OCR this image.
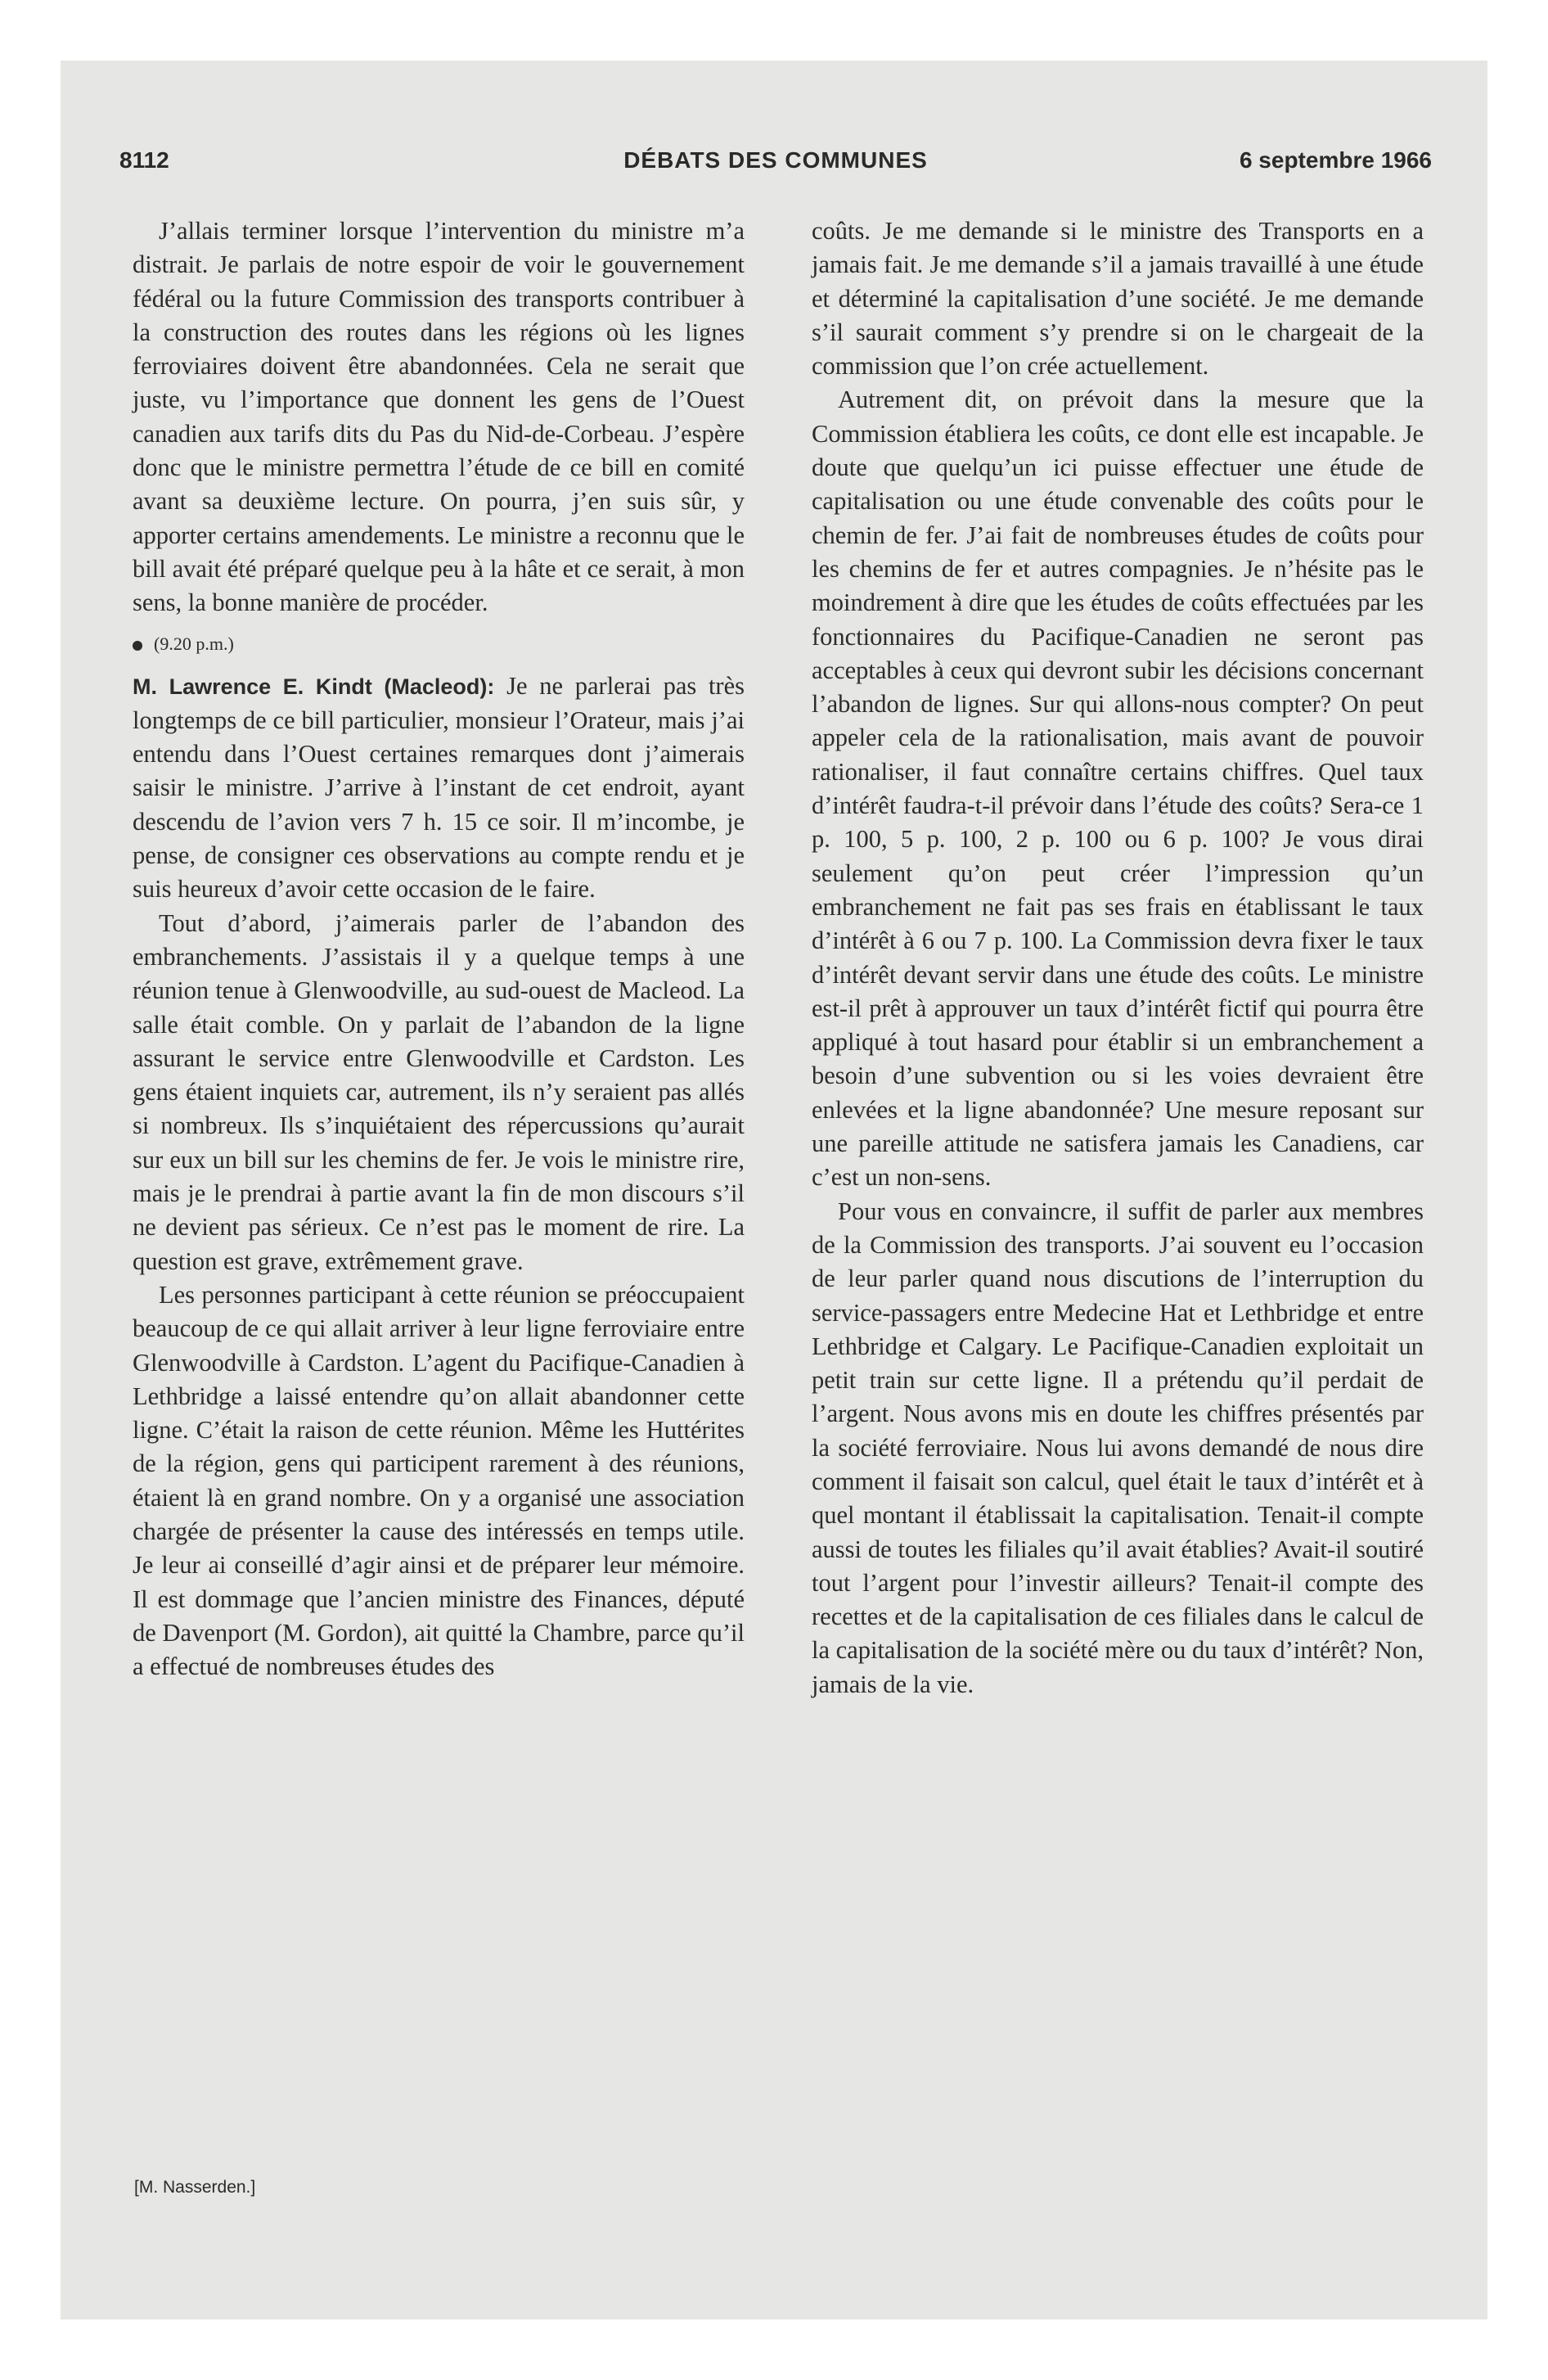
8112	DÉBATS DES COMMUNES	6 septembre 1966

J’allais terminer lorsque l’intervention du ministre m’a distrait. Je parlais de notre espoir de voir le gouvernement fédéral ou la future Commission des transports contribuer à la construction des routes dans les régions où les lignes ferroviaires doivent être abandonnées. Cela ne serait que juste, vu l’importance que donnent les gens de l’Ouest canadien aux tarifs dits du Pas du Nid-de-Corbeau. J’espère donc que le ministre permettra l’étude de ce bill en comité avant sa deuxième lecture. On pourra, j’en suis sûr, y apporter certains amendements. Le ministre a reconnu que le bill avait été préparé quelque peu à la hâte et ce serait, à mon sens, la bonne manière de procéder.

(9.20 p.m.)

M. Lawrence E. Kindt (Macleod): Je ne parlerai pas très longtemps de ce bill particulier, monsieur l’Orateur, mais j’ai entendu dans l’Ouest certaines remarques dont j’aimerais saisir le ministre. J’arrive à l’instant de cet endroit, ayant descendu de l’avion vers 7 h. 15 ce soir. Il m’incombe, je pense, de consigner ces observations au compte rendu et je suis heureux d’avoir cette occasion de le faire.

Tout d’abord, j’aimerais parler de l’abandon des embranchements. J’assistais il y a quelque temps à une réunion tenue à Glenwoodville, au sud-ouest de Macleod. La salle était comble. On y parlait de l’abandon de la ligne assurant le service entre Glenwoodville et Cardston. Les gens étaient inquiets car, autrement, ils n’y seraient pas allés si nombreux. Ils s’inquiétaient des répercussions qu’aurait sur eux un bill sur les chemins de fer. Je vois le ministre rire, mais je le prendrai à partie avant la fin de mon discours s’il ne devient pas sérieux. Ce n’est pas le moment de rire. La question est grave, extrêmement grave.

Les personnes participant à cette réunion se préoccupaient beaucoup de ce qui allait arriver à leur ligne ferroviaire entre Glenwoodville à Cardston. L’agent du Pacifique-Canadien à Lethbridge a laissé entendre qu’on allait abandonner cette ligne. C’était la raison de cette réunion. Même les Huttérites de la région, gens qui participent rarement à des réunions, étaient là en grand nombre. On y a organisé une association chargée de présenter la cause des intéressés en temps utile. Je leur ai conseillé d’agir ainsi et de préparer leur mémoire. Il est dommage que l’ancien ministre des Finances, député de Davenport (M. Gordon), ait quitté la Chambre, parce qu’il a effectué de nombreuses études des

coûts. Je me demande si le ministre des Transports en a jamais fait. Je me demande s’il a jamais travaillé à une étude et déterminé la capitalisation d’une société. Je me demande s’il saurait comment s’y prendre si on le chargeait de la commission que l’on crée actuellement.

Autrement dit, on prévoit dans la mesure que la Commission établiera les coûts, ce dont elle est incapable. Je doute que quelqu’un ici puisse effectuer une étude de capitalisation ou une étude convenable des coûts pour le chemin de fer. J’ai fait de nombreuses études de coûts pour les chemins de fer et autres compagnies. Je n’hésite pas le moindrement à dire que les études de coûts effectuées par les fonctionnaires du Pacifique-Canadien ne seront pas acceptables à ceux qui devront subir les décisions concernant l’abandon de lignes. Sur qui allons-nous compter? On peut appeler cela de la rationalisation, mais avant de pouvoir rationaliser, il faut connaître certains chiffres. Quel taux d’intérêt faudra-t-il prévoir dans l’étude des coûts? Sera-ce 1 p. 100, 5 p. 100, 2 p. 100 ou 6 p. 100? Je vous dirai seulement qu’on peut créer l’impression qu’un embranchement ne fait pas ses frais en établissant le taux d’intérêt à 6 ou 7 p. 100. La Commission devra fixer le taux d’intérêt devant servir dans une étude des coûts. Le ministre est-il prêt à approuver un taux d’intérêt fictif qui pourra être appliqué à tout hasard pour établir si un embranchement a besoin d’une subvention ou si les voies devraient être enlevées et la ligne abandonnée? Une mesure reposant sur une pareille attitude ne satisfera jamais les Canadiens, car c’est un non-sens.

Pour vous en convaincre, il suffit de parler aux membres de la Commission des transports. J’ai souvent eu l’occasion de leur parler quand nous discutions de l’interruption du service-passagers entre Medecine Hat et Lethbridge et entre Lethbridge et Calgary. Le Pacifique-Canadien exploitait un petit train sur cette ligne. Il a prétendu qu’il perdait de l’argent. Nous avons mis en doute les chiffres présentés par la société ferroviaire. Nous lui avons demandé de nous dire comment il faisait son calcul, quel était le taux d’intérêt et à quel montant il établissait la capitalisation. Tenait-il compte aussi de toutes les filiales qu’il avait établies? Avait-il soutiré tout l’argent pour l’investir ailleurs? Tenait-il compte des recettes et de la capitalisation de ces filiales dans le calcul de la capitalisation de la société mère ou du taux d’intérêt? Non, jamais de la vie.

[M. Nasserden.]
